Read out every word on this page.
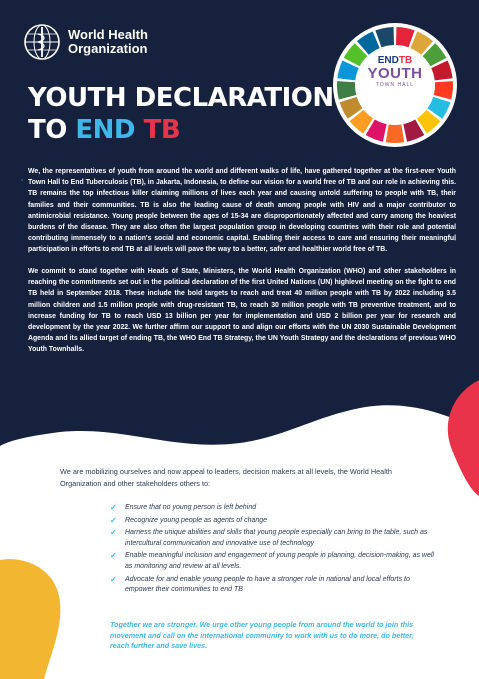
World Health Organization
YOUTH DECLARATION
TO END TB
ENDTB
YOUTH
TOWN HALL

We, the representatives of youth from around the world and different walks of life, have gathered together at the first-ever Youth Town Hall to End Tuberculosis (TB), in Jakarta, Indonesia, to define our vision for a world free of TB and our role in achieving this. TB remains the top infectious killer claiming millions of lives each year and causing untold suffering to people with TB, their families and their communities. TB is also the leading cause of death among people with HIV and a major contributor to antimicrobial resistance. Young people between the ages of 15-34 are disproportionately affected and carry among the heaviest burdens of the disease. They are also often the largest population group in developing countries with their role and potential contributing immensely to a nation's social and economic capital. Enabling their access to care and ensuring their meaningful participation in efforts to end TB at all levels will pave the way to a better, safer and healthier world free of TB.

We commit to stand together with Heads of State, Ministers, the World Health Organization (WHO) and other stakeholders in reaching the commitments set out in the political declaration of the first United Nations (UN) highlevel meeting on the fight to end TB held in September 2018. These include the bold targets to reach and treat 40 million people with TB by 2022 including 3.5 million children and 1.5 million people with drug-resistant TB, to reach 30 million people with TB preventive treatment, and to increase funding for TB to reach USD 13 billion per year for implementation and USD 2 billion per year for research and development by the year 2022. We further affirm our support to and align our efforts with the UN 2030 Sustainable Development Agenda and its allied target of ending TB, the WHO End TB Strategy, the UN Youth Strategy and the declarations of previous WHO Youth Townhalls.

We are mobilizing ourselves and now appeal to leaders, decision makers at all levels, the World Health Organization and other stakeholders others to:

✓ Ensure that no young person is left behind
✓ Recognize young people as agents of change
✓ Harness the unique abilities and skills that young people especially can bring to the table, such as intercultural communication and innovative use of technology
✓ Enable meaningful inclusion and engagement of young people in planning, decision-making, as well as monitoring and review at all levels.
✓ Advocate for and enable young people to have a stronger role in national and local efforts to empower their communities to end TB

Together we are stronger. We urge other young people from around the world to join this movement and call on the international community to work with us to do more, do better, reach further and save lives.
